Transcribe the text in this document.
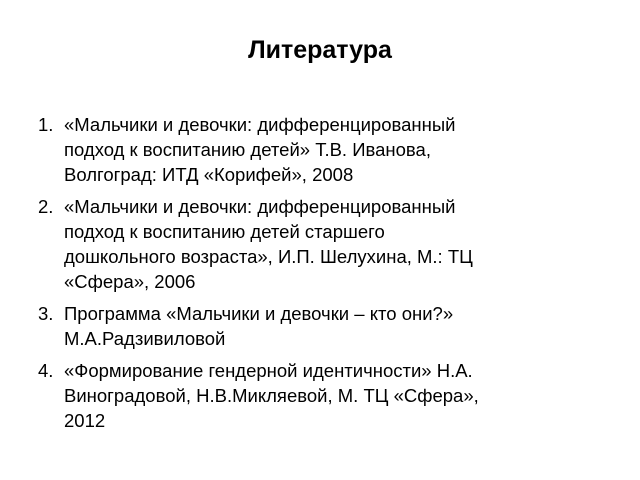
Литература
1. «Мальчики и девочки: дифференцированный
подход к воспитанию детей» Т.В. Иванова,
Волгоград: ИТД «Корифей», 2008
2. «Мальчики и девочки: дифференцированный
подход к воспитанию детей старшего
дошкольного возраста», И.П. Шелухина, М.: ТЦ
«Сфера», 2006
3. Программа «Мальчики и девочки – кто они?»
М.А.Радзивиловой
4. «Формирование гендерной идентичности» Н.А.
Виноградовой, Н.В.Микляевой, М. ТЦ «Сфера»,
2012
